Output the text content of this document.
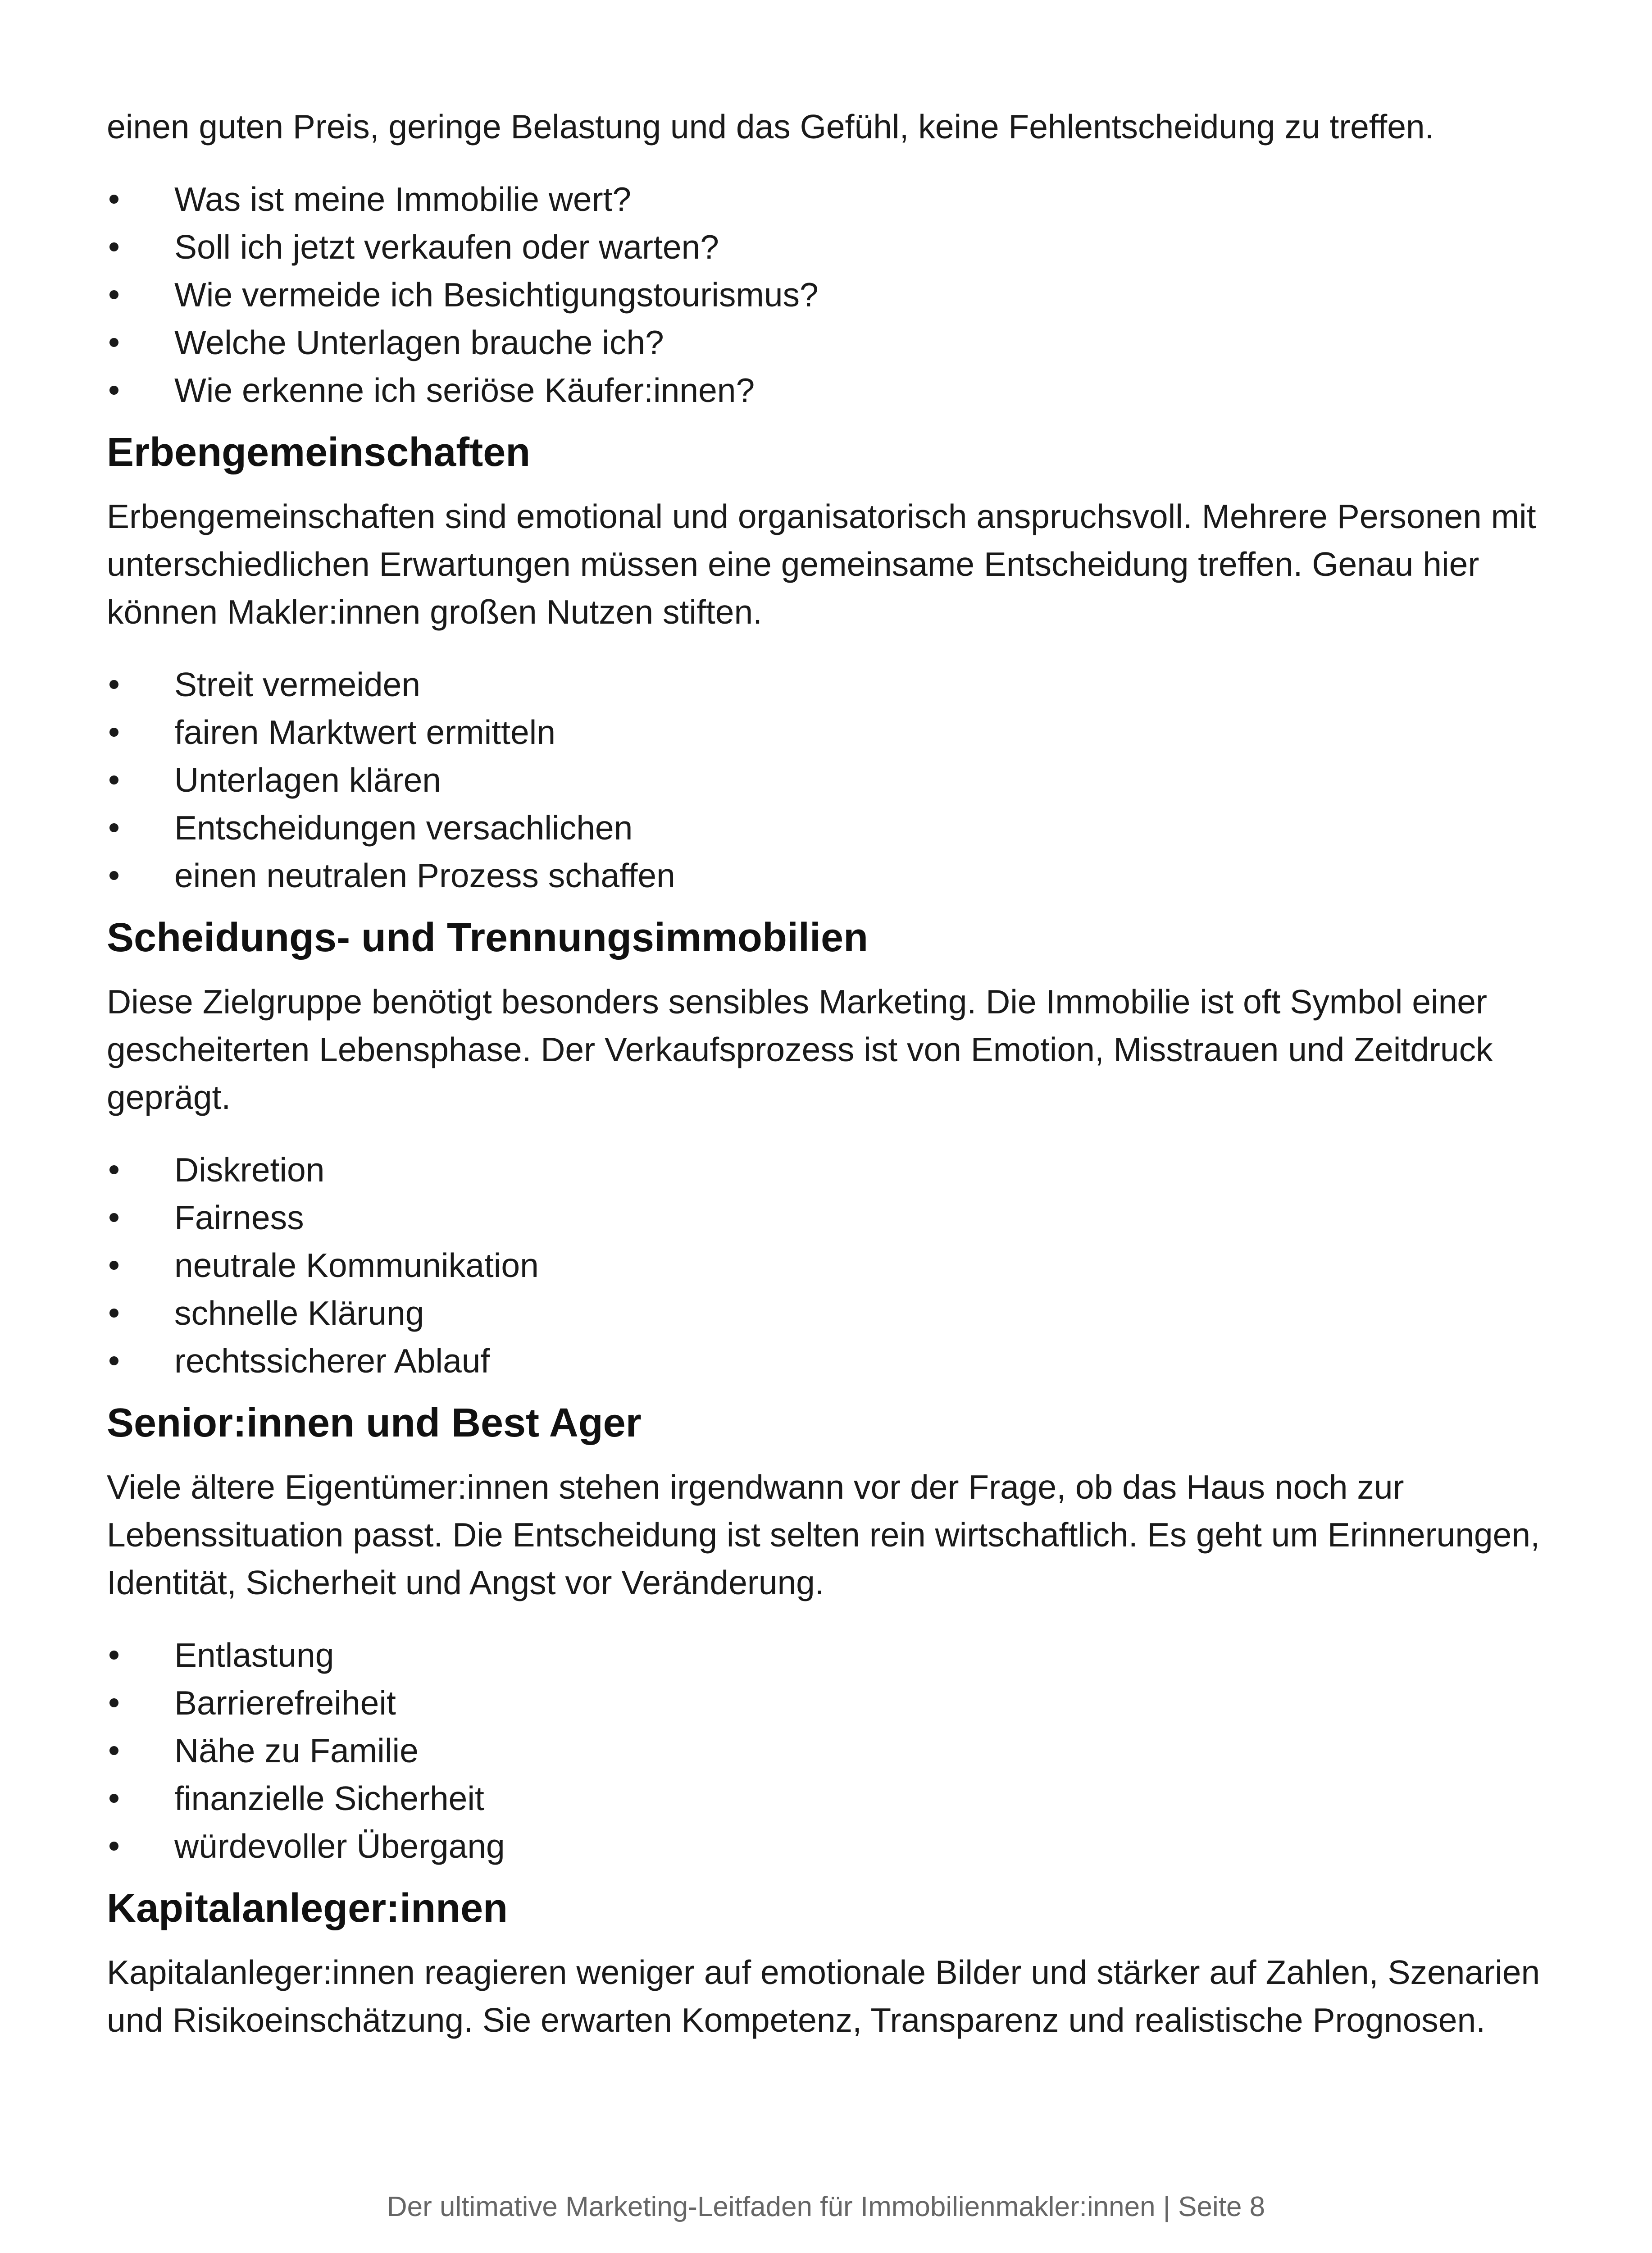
einen guten Preis, geringe Belastung und das Gefühl, keine Fehlentscheidung zu treffen.

Was ist meine Immobilie wert?
Soll ich jetzt verkaufen oder warten?
Wie vermeide ich Besichtigungstourismus?
Welche Unterlagen brauche ich?
Wie erkenne ich seriöse Käufer:innen?
Erbengemeinschaften

Erbengemeinschaften sind emotional und organisatorisch anspruchsvoll. Mehrere Personen mit unterschiedlichen Erwartungen müssen eine gemeinsame Entscheidung treffen. Genau hier können Makler:innen großen Nutzen stiften.

Streit vermeiden
fairen Marktwert ermitteln
Unterlagen klären
Entscheidungen versachlichen
einen neutralen Prozess schaffen
Scheidungs- und Trennungsimmobilien

Diese Zielgruppe benötigt besonders sensibles Marketing. Die Immobilie ist oft Symbol einer gescheiterten Lebensphase. Der Verkaufsprozess ist von Emotion, Misstrauen und Zeitdruck geprägt.

Diskretion
Fairness
neutrale Kommunikation
schnelle Klärung
rechtssicherer Ablauf
Senior:innen und Best Ager

Viele ältere Eigentümer:innen stehen irgendwann vor der Frage, ob das Haus noch zur Lebenssituation passt. Die Entscheidung ist selten rein wirtschaftlich. Es geht um Erinnerungen, Identität, Sicherheit und Angst vor Veränderung.

Entlastung
Barrierefreiheit
Nähe zu Familie
finanzielle Sicherheit
würdevoller Übergang
Kapitalanleger:innen

Kapitalanleger:innen reagieren weniger auf emotionale Bilder und stärker auf Zahlen, Szenarien und Risikoeinschätzung. Sie erwarten Kompetenz, Transparenz und realistische Prognosen.

Der ultimative Marketing-Leitfaden für Immobilienmakler:innen | Seite 8
